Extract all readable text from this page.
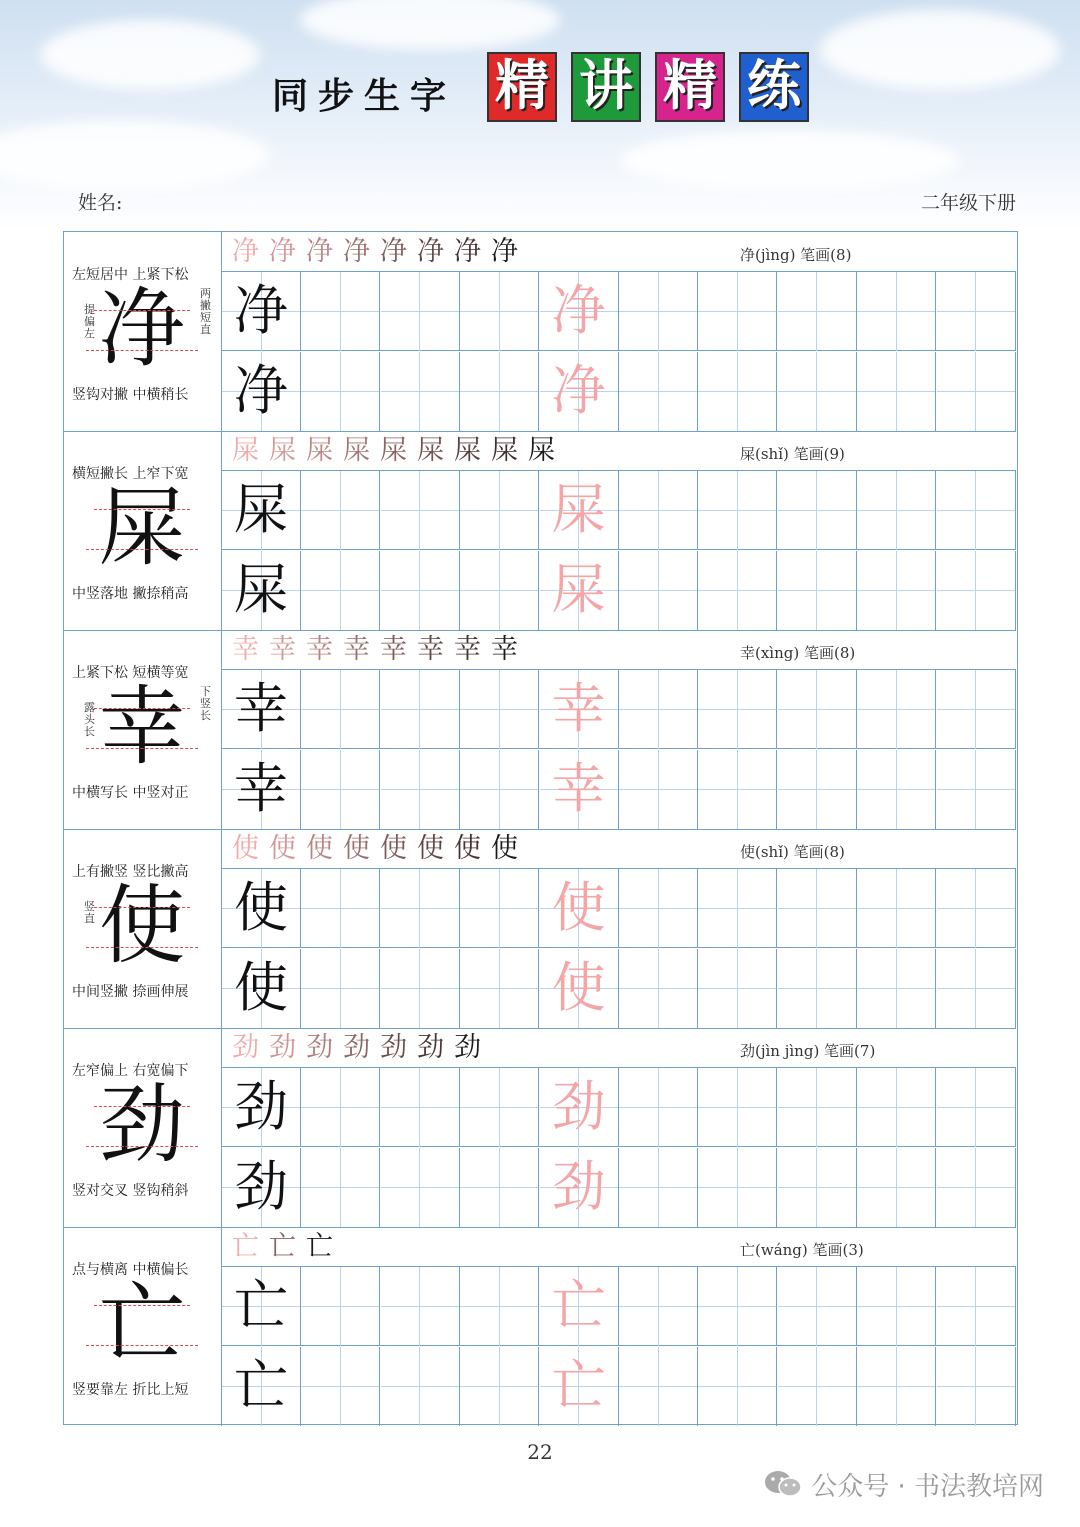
同步生字 精 讲 精 练
姓名:	二年级下册
左短居中 上紧下松
净
提偏左
两撇短直
竖钩对撇 中横稍长
净 净 净 净 净 净 净 净	净(jìng) 笔画(8)
净	净
净	净
横短撇长 上窄下宽
屎
中竖落地 撇捺稍高
屎 屎 屎 屎 屎 屎 屎 屎 屎	屎(shǐ) 笔画(9)
屎	屎
屎	屎
上紧下松 短横等宽
幸
露头长
下竖长
中横写长 中竖对正
幸 幸 幸 幸 幸 幸 幸 幸	幸(xìng) 笔画(8)
幸	幸
幸	幸
上有撇竖 竖比撇高
使
竖直
中间竖撇 捺画伸展
使 使 使 使 使 使 使 使	使(shǐ) 笔画(8)
使	使
使	使
左窄偏上 右宽偏下
劲
竖对交叉 竖钩稍斜
劲 劲 劲 劲 劲 劲 劲	劲(jìn jìng) 笔画(7)
劲	劲
劲	劲
点与横离 中横偏长
亡
竖要靠左 折比上短
亡 亡 亡	亡(wáng) 笔画(3)
亡	亡
亡	亡
22
公众号 · 书法教培网
